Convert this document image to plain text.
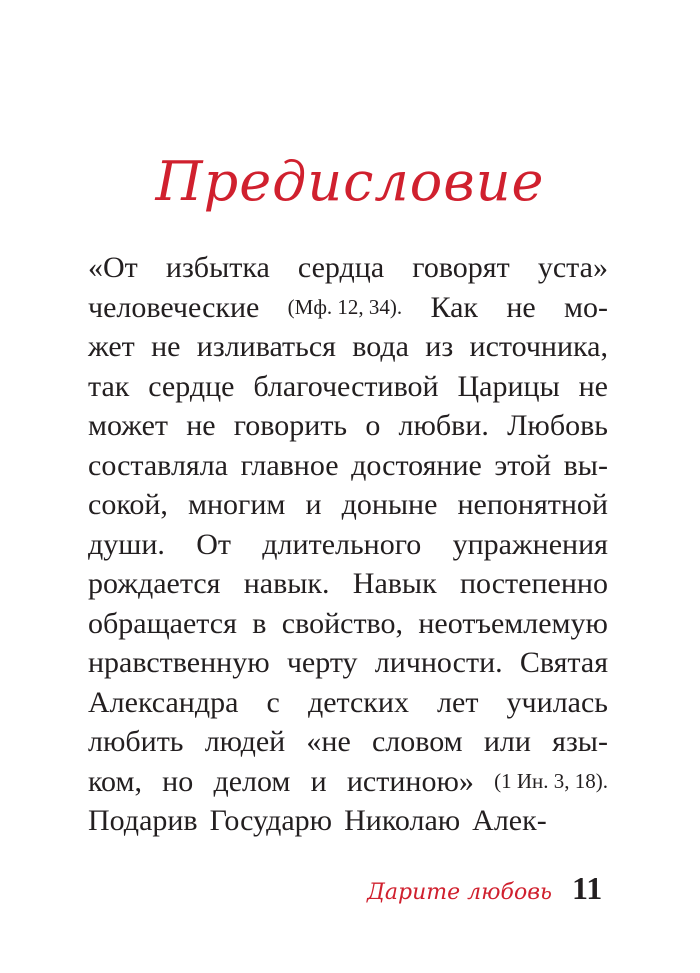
Предисловие
«От избытка сердца говорят уста»
человеческие (Мф. 12, 34). Как не мо-
жет не изливаться вода из источника,
так сердце благочестивой Царицы не
может не говорить о любви. Любовь
составляла главное достояние этой вы-
сокой, многим и доныне непонятной
души. От длительного упражнения
рождается навык. Навык постепенно
обращается в свойство, неотъемлемую
нравственную черту личности. Святая
Александра с детских лет училась
любить людей «не словом или язы-
ком, но делом и истиною» (1 Ин. 3, 18).
Подарив Государю Николаю Алек-
Дарите любовь 11
